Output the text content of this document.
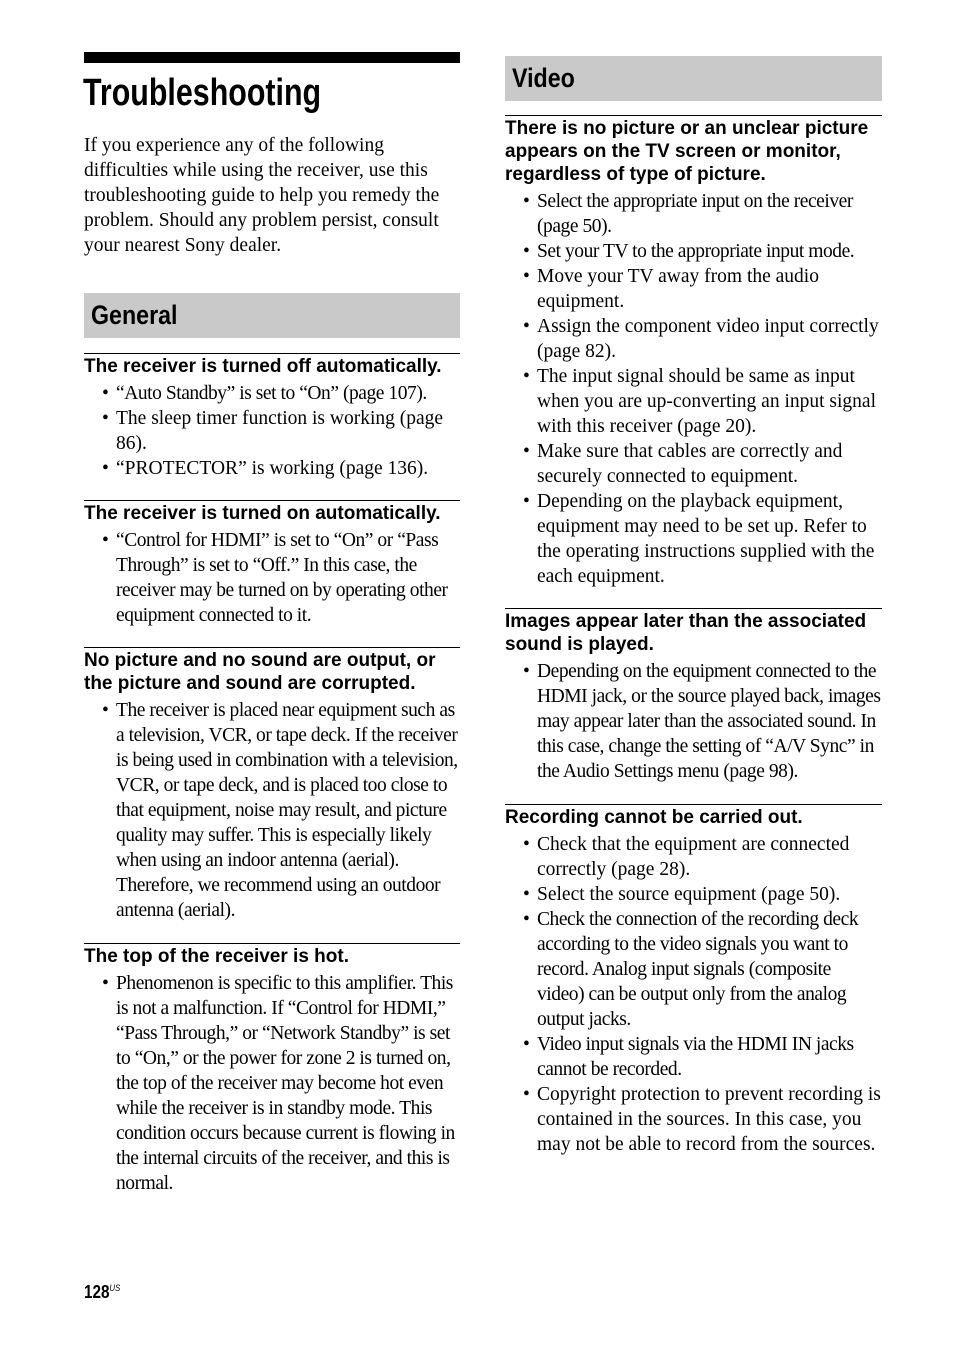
Troubleshooting

If you experience any of the following difficulties while using the receiver, use this troubleshooting guide to help you remedy the problem. Should any problem persist, consult your nearest Sony dealer.

General
The receiver is turned off automatically.
• “Auto Standby” is set to “On” (page 107).
• The sleep timer function is working (page 86).
• “PROTECTOR” is working (page 136).
The receiver is turned on automatically.
• “Control for HDMI” is set to “On” or “Pass Through” is set to “Off.” In this case, the receiver may be turned on by operating other equipment connected to it.
No picture and no sound are output, or the picture and sound are corrupted.
• The receiver is placed near equipment such as a television, VCR, or tape deck. If the receiver is being used in combination with a television, VCR, or tape deck, and is placed too close to that equipment, noise may result, and picture quality may suffer. This is especially likely when using an indoor antenna (aerial). Therefore, we recommend using an outdoor antenna (aerial).
The top of the receiver is hot.
• Phenomenon is specific to this amplifier. This is not a malfunction. If “Control for HDMI,” “Pass Through,” or “Network Standby” is set to “On,” or the power for zone 2 is turned on, the top of the receiver may become hot even while the receiver is in standby mode. This condition occurs because current is flowing in the internal circuits of the receiver, and this is normal.
Video
There is no picture or an unclear picture appears on the TV screen or monitor, regardless of type of picture.
• Select the appropriate input on the receiver (page 50).
• Set your TV to the appropriate input mode.
• Move your TV away from the audio equipment.
• Assign the component video input correctly (page 82).
• The input signal should be same as input when you are up-converting an input signal with this receiver (page 20).
• Make sure that cables are correctly and securely connected to equipment.
• Depending on the playback equipment, equipment may need to be set up. Refer to the operating instructions supplied with the each equipment.
Images appear later than the associated sound is played.
• Depending on the equipment connected to the HDMI jack, or the source played back, images may appear later than the associated sound. In this case, change the setting of “A/V Sync” in the Audio Settings menu (page 98).
Recording cannot be carried out.
• Check that the equipment are connected correctly (page 28).
• Select the source equipment (page 50).
• Check the connection of the recording deck according to the video signals you want to record. Analog input signals (composite video) can be output only from the analog output jacks.
• Video input signals via the HDMI IN jacks cannot be recorded.
• Copyright protection to prevent recording is contained in the sources. In this case, you may not be able to record from the sources.
$128^{US}$
